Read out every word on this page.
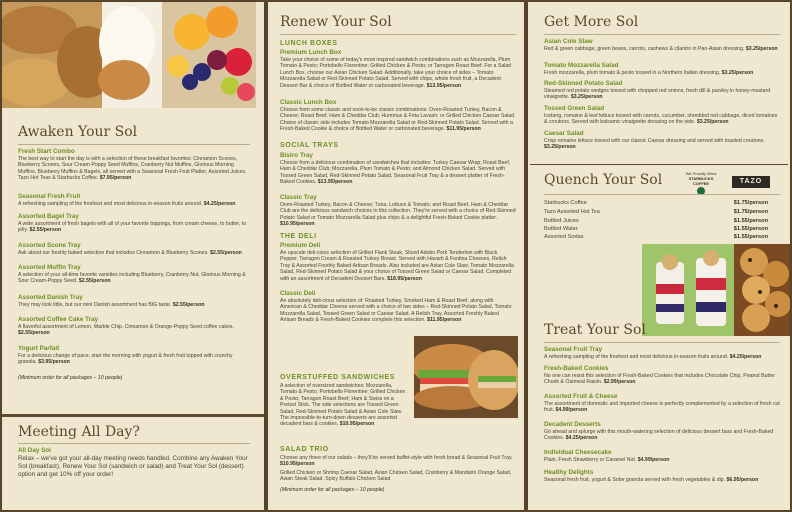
Awaken Your Sol
Fresh Start Combo
The best way to start the day is with a selection of these breakfast favorites: Cinnamon Scones, Blueberry Scones, Sour Cream-Poppy Seed Muffins, Cranberry Nut Muffins, Glorious Morning Muffins, Blueberry Muffins & Bagels, all served with a Seasonal Fresh Fruit Platter, Assorted Juices, Tazo Hot Teas & Starbucks Coffee. $7.95/person
Seasonal Fresh Fruit
A refreshing sampling of the freshest and most delicious in-season fruits around. $4.25/person
Assorted Bagel Tray
A wide assortment of fresh bagels with all of your favorite toppings, from cream cheese, to butter, to jelly. $2.55/person
Assorted Scone Tray
Ask about our freshly baked selection that includes Cinnamon & Blueberry Scones. $2.55/person
Assorted Muffin Tray
A selection of your all-time favorite varieties including Blueberry, Cranberry Nut, Glorious Morning & Sour Cream-Poppy Seed. $2.55/person
Assorted Danish Tray
They may look little, but our mini Danish assortment has BIG taste. $2.55/person
Assorted Coffee Cake Tray
A flavorful assortment of Lemon, Marble Chip, Cinnamon & Orange-Poppy Seed coffee cakes. $2.55/person
Yogurt Parfait
For a delicious change of pace, start the morning with yogurt & fresh fruit topped with crunchy granola. $3.95/person
(Minimum order for all packages – 10 people)
Meeting All Day?
All Day Sol
Relax – we've got your all-day meeting needs handled. Combine any Awaken Your Sol (breakfast), Renew Your Sol (sandwich or salad) and Treat Your Sol (dessert) option and get 10% off your order!
Renew Your Sol
LUNCH BOXES
Premium Lunch Box
Take your choice of some of today's most inspired sandwich combinations such as Mozzarella, Plum Tomato & Pesto; Portobello Florentine; Grilled Chicken & Pesto; or Tarragon Roast Beef. For a Salad Lunch Box, choose our Asian Chicken Salad. Additionally, take your choice of sides – Tomato Mozzarella Salad or Red-Skinned Potato Salad. Served with chips, whole fresh fruit, a Decadent Dessert Bar & choice of Bottled Water or carbonated beverage. $13.95/person
Classic Lunch Box
Choose from some classic and soon-to-be classic combinations: Oven-Roasted Turkey, Bacon & Cheese; Roast Beef, Ham & Cheddar Club; Hummus & Feta Lavash; or Grilled Chicken Caesar Salad. Choice of classic side includes Tomato Mozzarella Salad or Red-Skinned Potato Salad. Served with a Fresh-Baked Cookie & choice of Bottled Water or carbonated beverage. $11.95/person
SOCIAL TRAYS
Bistro Tray
Choose from a delicious combination of sandwiches that includes: Turkey Caesar Wrap; Roast Beef, Ham & Cheddar Club; Mozzarella, Plum Tomato & Pesto; and Almond Chicken Salad. Served with Tossed Green Salad, Red-Skinned Potato Salad, Seasonal Fruit Tray & a dessert platter of Fresh-Baked Cookies. $13.95/person
Classic Tray
Oven-Roasted Turkey, Bacon & Cheese; Tuna, Lettuce & Tomato; and Roast Beef, Ham & Cheddar Club are the delicious sandwich choices in this collection. They're served with a choice of Red-Skinned Potato Salad or Tomato Mozzarella Salad plus chips & a delightful Fresh-Baked Cookie platter. $10.95/person
THE DELI
Premium Deli
An upscale deli-cious selection of Grilled Flank Steak, Sliced Adobo Pork Tenderloin with Black Pepper, Tarragon Cream & Roasted Turkey Breast. Served with Havarti & Fontina Cheeses, Relish Tray & Assorted Freshly Baked Artisan Breads. Also included are Asian Cole Slaw, Tomato Mozzarella Salad, Red-Skinned Potato Salad & your choice of Tossed Green Salad or Caesar Salad. Completed with an assortment of Decadent Dessert Bars. $18.95/person
Classic Deli
An absolutely deli-cious selection of: Roasted Turkey, Smoked Ham & Roast Beef, along with American & Cheddar Cheese served with a choice of two sides – Red-Skinned Potato Salad, Tomato Mozzarella Salad, Tossed Green Salad or Caesar Salad. A Relish Tray, Assorted Freshly Baked Artisan Breads & Fresh-Baked Cookies complete this selection. $11.95/person
OVERSTUFFED SANDWICHES
A selection of oversized sandwiches: Mozzarella, Tomato & Pesto; Portobello Florentine; Grilled Chicken & Pesto; Tarragon Roast Beef; Ham & Swiss on a Pretzel Stick. The side selections are Tossed Green Salad, Red-Skinned Potato Salad & Asian Cole Slaw. The impossible-to-turn-down desserts are assorted decadent bars & cookies. $10.95/person
SALAD TRIO
Choose any three of our salads – they'll be served buffet-style with fresh bread & Seasonal Fruit Tray. $10.95/person
Grilled Chicken or Shrimp Caesar Salad, Asian Chicken Salad, Cranberry & Mandarin Orange Salad, Asian Steak Salad, Spicy Buffalo Chicken Salad
(Minimum order for all packages – 10 people)
Get More Sol
Asian Cole Slaw
Red & green cabbage, green beans, carrots, cashews & cilantro in Pan-Asian dressing. $3.25/person
Tomato Mozzarella Salad
Fresh mozzarella, plum tomato & pesto tossed in a Northern Italian dressing. $3.25/person
Red-Skinned Potato Salad
Steamed red potato wedges tossed with chopped red onions, fresh dill & parsley in honey-mustard vinaigrette. $3.25/person
Tossed Green Salad
Iceberg, romaine & leaf lettuce tossed with carrots, cucumber, shredded red cabbage, diced tomatoes & croutons. Served with balsamic vinaigrette dressing on the side. $3.25/person
Caesar Salad
Crisp romaine lettuce tossed with our classic Caesar dressing and served with toasted croutons. $3.25/person
Quench Your Sol	We Proudly Brew
STARBUCKS COFFEE	TAZO
Starbucks Coffee	$1.75/person
Tazo Assorted Hot Tea	$1.75/person
Bottled Juices	$1.55/person
Bottled Water	$1.55/person
Assorted Sodas	$1.55/person
Treat Your Sol
Seasonal Fruit Tray
A refreshing sampling of the freshest and most delicious in-season fruits around. $4.25/person
Fresh-Baked Cookies
No one can resist this selection of Fresh-Baked Cookies that includes Chocolate Chip, Peanut Butter Chunk & Oatmeal Raisin. $2.99/person
Assorted Fruit & Cheese
The assortment of domestic and imported cheese is perfectly complemented by a selection of fresh cut fruit. $4.99/person
Decadent Desserts
Go ahead and splurge with this mouth-watering selection of delicious dessert bars and Fresh-Baked Cookies. $4.25/person
Individual Cheesecake
Plain, Fresh Strawberry or Caramel Nut. $4.99/person
Healthy Delights
Seasonal fresh fruit, yogurt & Sobe granola served with fresh vegetables & dip. $6.95/person
